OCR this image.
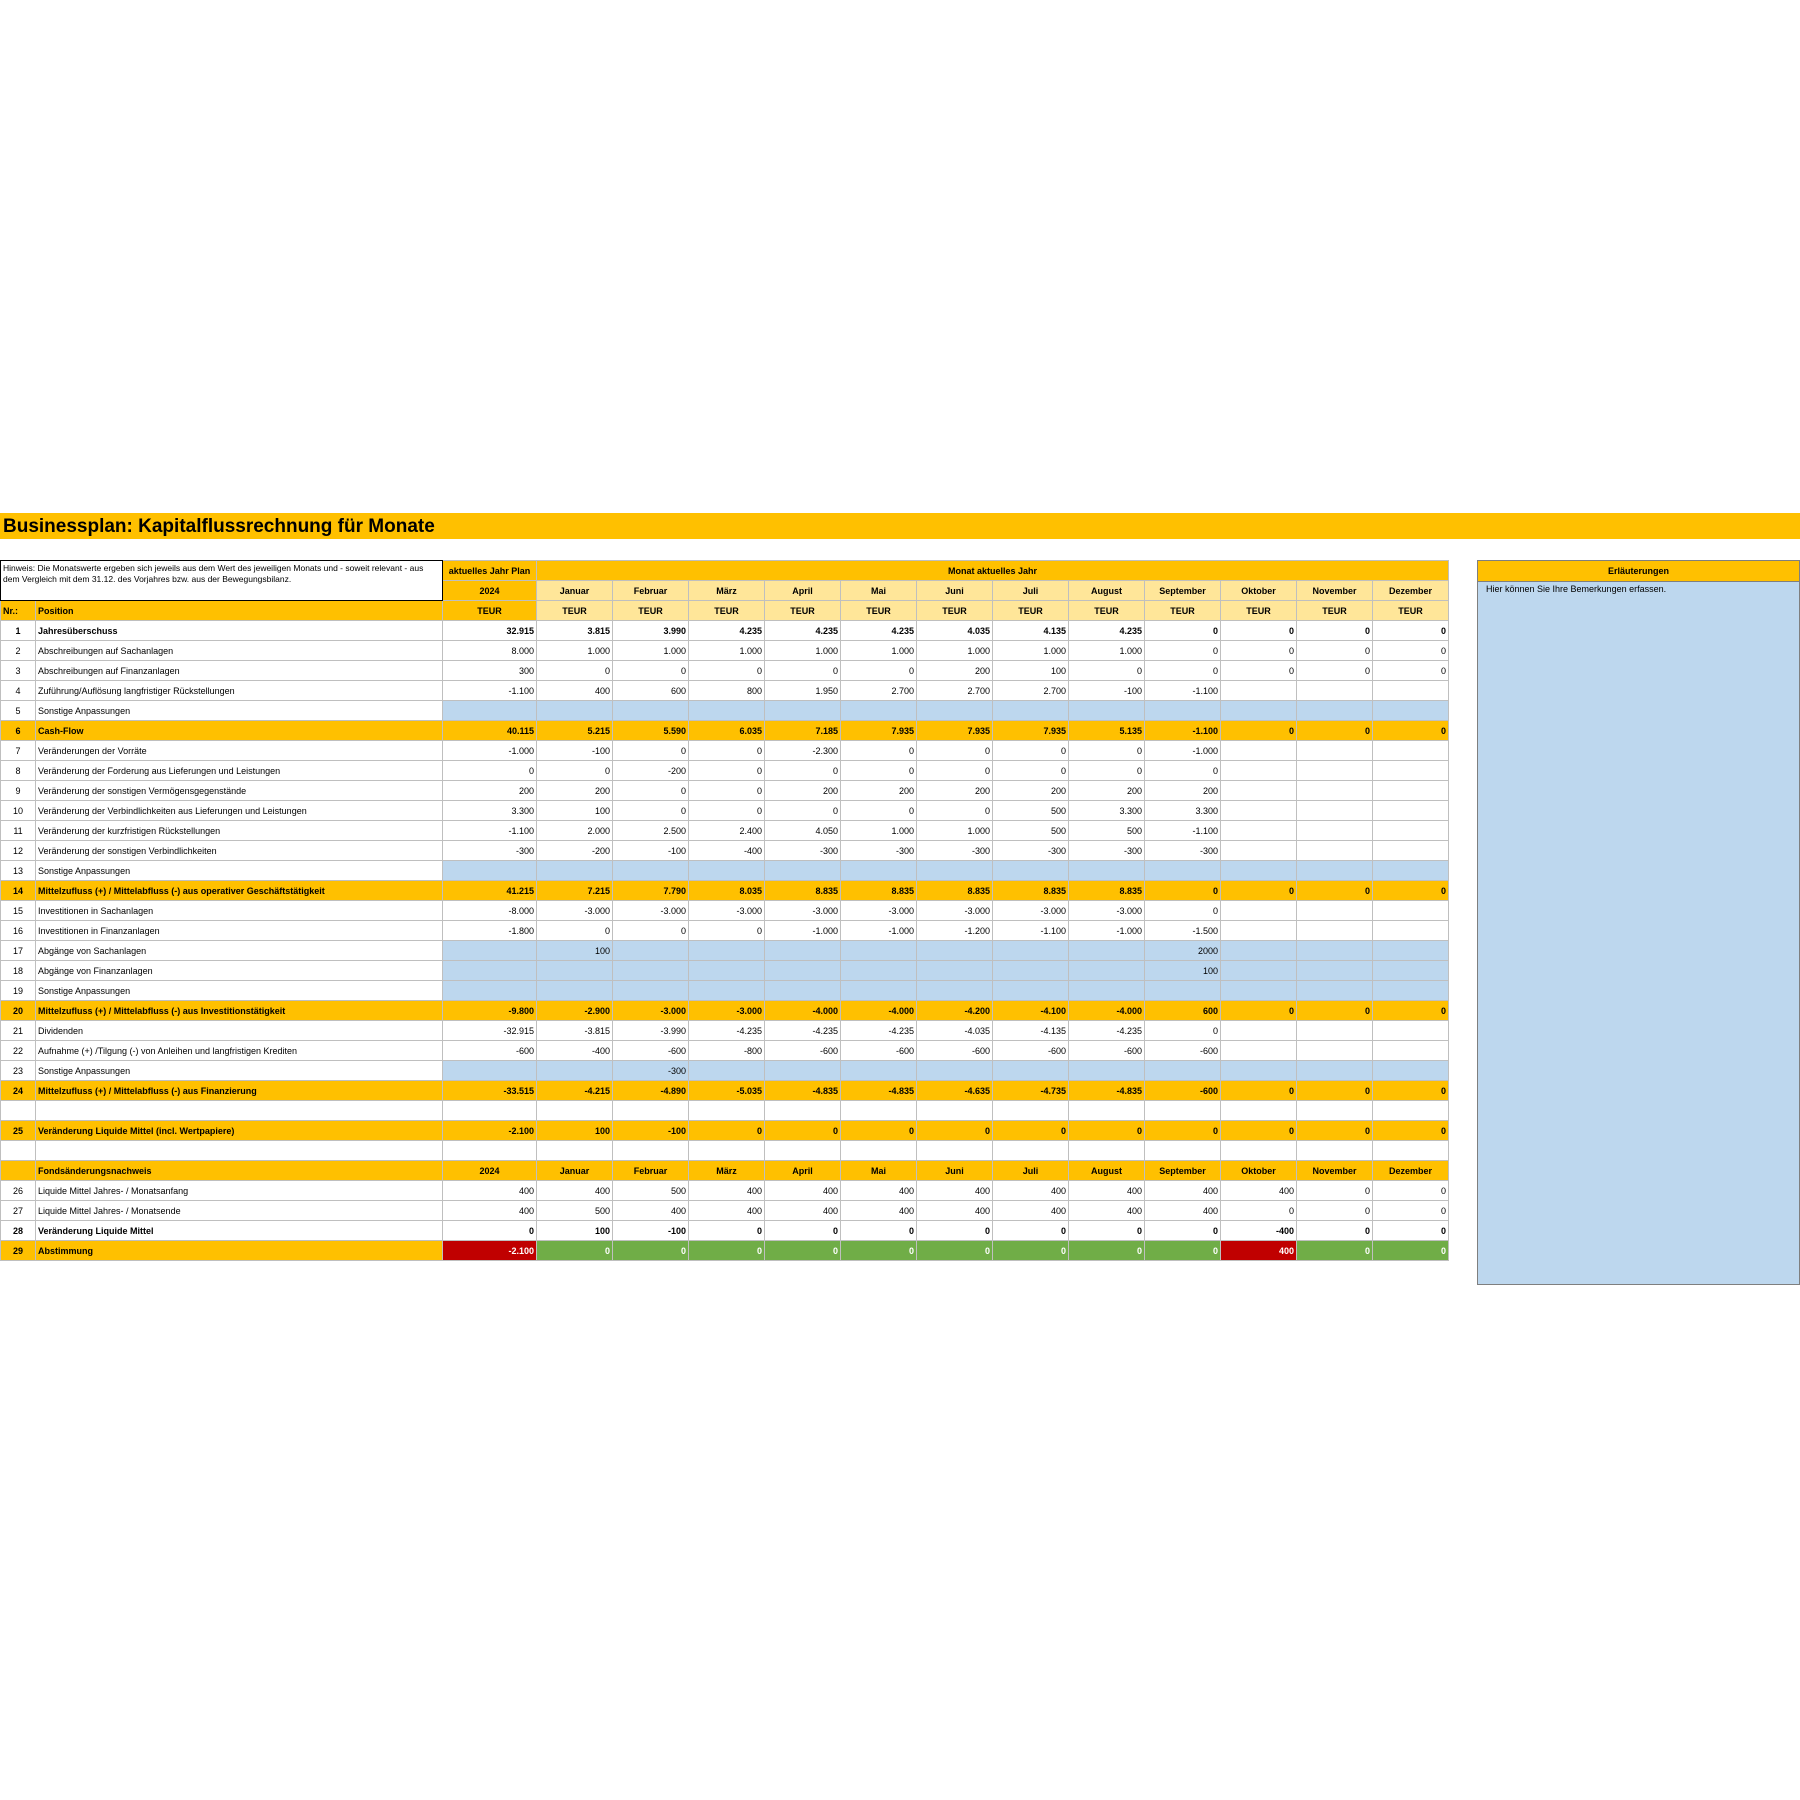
Businessplan: Kapitalflussrechnung für Monate
Hinweis: Die Monatswerte ergeben sich jeweils aus dem Wert des jeweiligen Monats und - soweit relevant - aus dem Vergleich mit dem 31.12. des Vorjahres bzw. aus der Bewegungsbilanz.		aktuelles Jahr Plan	Monat aktuelles Jahr											
		2024	Januar	Februar	März	April	Mai	Juni	Juli	August	September	Oktober	November	Dezember
Nr.:	Position	TEUR	TEUR	TEUR	TEUR	TEUR	TEUR	TEUR	TEUR	TEUR	TEUR	TEUR	TEUR	TEUR
1	Jahresüberschuss	32.915	3.815	3.990	4.235	4.235	4.235	4.035	4.135	4.235	0	0	0	0
2	Abschreibungen auf Sachanlagen	8.000	1.000	1.000	1.000	1.000	1.000	1.000	1.000	1.000	0	0	0	0
3	Abschreibungen auf Finanzanlagen	300	0	0	0	0	0	200	100	0	0	0	0	0
4	Zuführung/Auflösung langfristiger Rückstellungen	-1.100	400	600	800	1.950	2.700	2.700	2.700	-100	-1.100			
5	Sonstige Anpassungen													
6	Cash-Flow	40.115	5.215	5.590	6.035	7.185	7.935	7.935	7.935	5.135	-1.100	0	0	0
7	Veränderungen der Vorräte	-1.000	-100	0	0	-2.300	0	0	0	0	-1.000			
8	Veränderung der Forderung aus Lieferungen und Leistungen	0	0	-200	0	0	0	0	0	0	0			
9	Veränderung der sonstigen Vermögensgegenstände	200	200	0	0	200	200	200	200	200	200			
10	Veränderung der Verbindlichkeiten aus Lieferungen und Leistungen	3.300	100	0	0	0	0	0	500	3.300	3.300			
11	Veränderung der kurzfristigen Rückstellungen	-1.100	2.000	2.500	2.400	4.050	1.000	1.000	500	500	-1.100			
12	Veränderung der sonstigen Verbindlichkeiten	-300	-200	-100	-400	-300	-300	-300	-300	-300	-300			
13	Sonstige Anpassungen													
14	Mittelzufluss (+) / Mittelabfluss (-) aus operativer Geschäftstätigkeit	41.215	7.215	7.790	8.035	8.835	8.835	8.835	8.835	8.835	0	0	0	0
15	Investitionen in Sachanlagen	-8.000	-3.000	-3.000	-3.000	-3.000	-3.000	-3.000	-3.000	-3.000	0			
16	Investitionen in Finanzanlagen	-1.800	0	0	0	-1.000	-1.000	-1.200	-1.100	-1.000	-1.500			
17	Abgänge von Sachanlagen		100								2000			
18	Abgänge von Finanzanlagen										100			
19	Sonstige Anpassungen													
20	Mittelzufluss (+) / Mittelabfluss (-) aus Investitionstätigkeit	-9.800	-2.900	-3.000	-3.000	-4.000	-4.000	-4.200	-4.100	-4.000	600	0	0	0
21	Dividenden	-32.915	-3.815	-3.990	-4.235	-4.235	-4.235	-4.035	-4.135	-4.235	0			
22	Aufnahme (+) /Tilgung (-) von Anleihen und langfristigen Krediten	-600	-400	-600	-800	-600	-600	-600	-600	-600	-600			
23	Sonstige Anpassungen			-300										
24	Mittelzufluss (+) / Mittelabfluss (-) aus Finanzierung	-33.515	-4.215	-4.890	-5.035	-4.835	-4.835	-4.635	-4.735	-4.835	-600	0	0	0

25	Veränderung Liquide Mittel (incl. Wertpapiere)	-2.100	100	-100	0	0	0	0	0	0	0	0	0	0

	Fondsänderungsnachweis	2024	Januar	Februar	März	April	Mai	Juni	Juli	August	September	Oktober	November	Dezember
26	Liquide Mittel Jahres- / Monatsanfang	400	400	500	400	400	400	400	400	400	400	400	0	0
27	Liquide Mittel Jahres- / Monatsende	400	500	400	400	400	400	400	400	400	400	0	0	0
28	Veränderung Liquide Mittel	0	100	-100	0	0	0	0	0	0	0	-400	0	0
29	Abstimmung	-2.100	0	0	0	0	0	0	0	0	0	400	0	0
Erläuterungen
Hier können Sie Ihre Bemerkungen erfassen.
